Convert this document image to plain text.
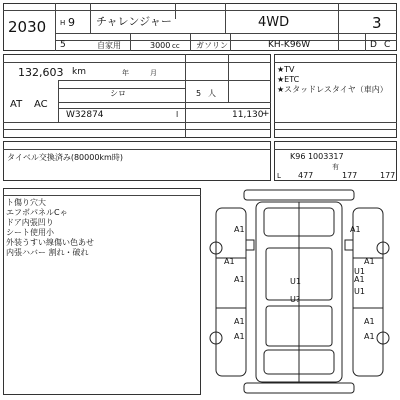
2030 H 9 チャレンジャー	4WD	3
5	自家用	3000 cc ガソリン	KH-K96W	D C
132,603 km	年	月
シロ	5 人
AT AC
W32874	l	11,130
+
★TV
★ETC
★スタッドレスタイヤ（車内）
タイベル交換済み(80000km時)	K96 1003317
有
L 477	177	177
ト傷り穴大
エフボパネルCゃ
ドア内張凹り
シート使用小
外装うすい線傷い色あせ
内張ハバー 割れ・破れ
A1	A1
A1	A1
A1	A1
U1
U1
U1
A1
U?
A1
A1
A1
